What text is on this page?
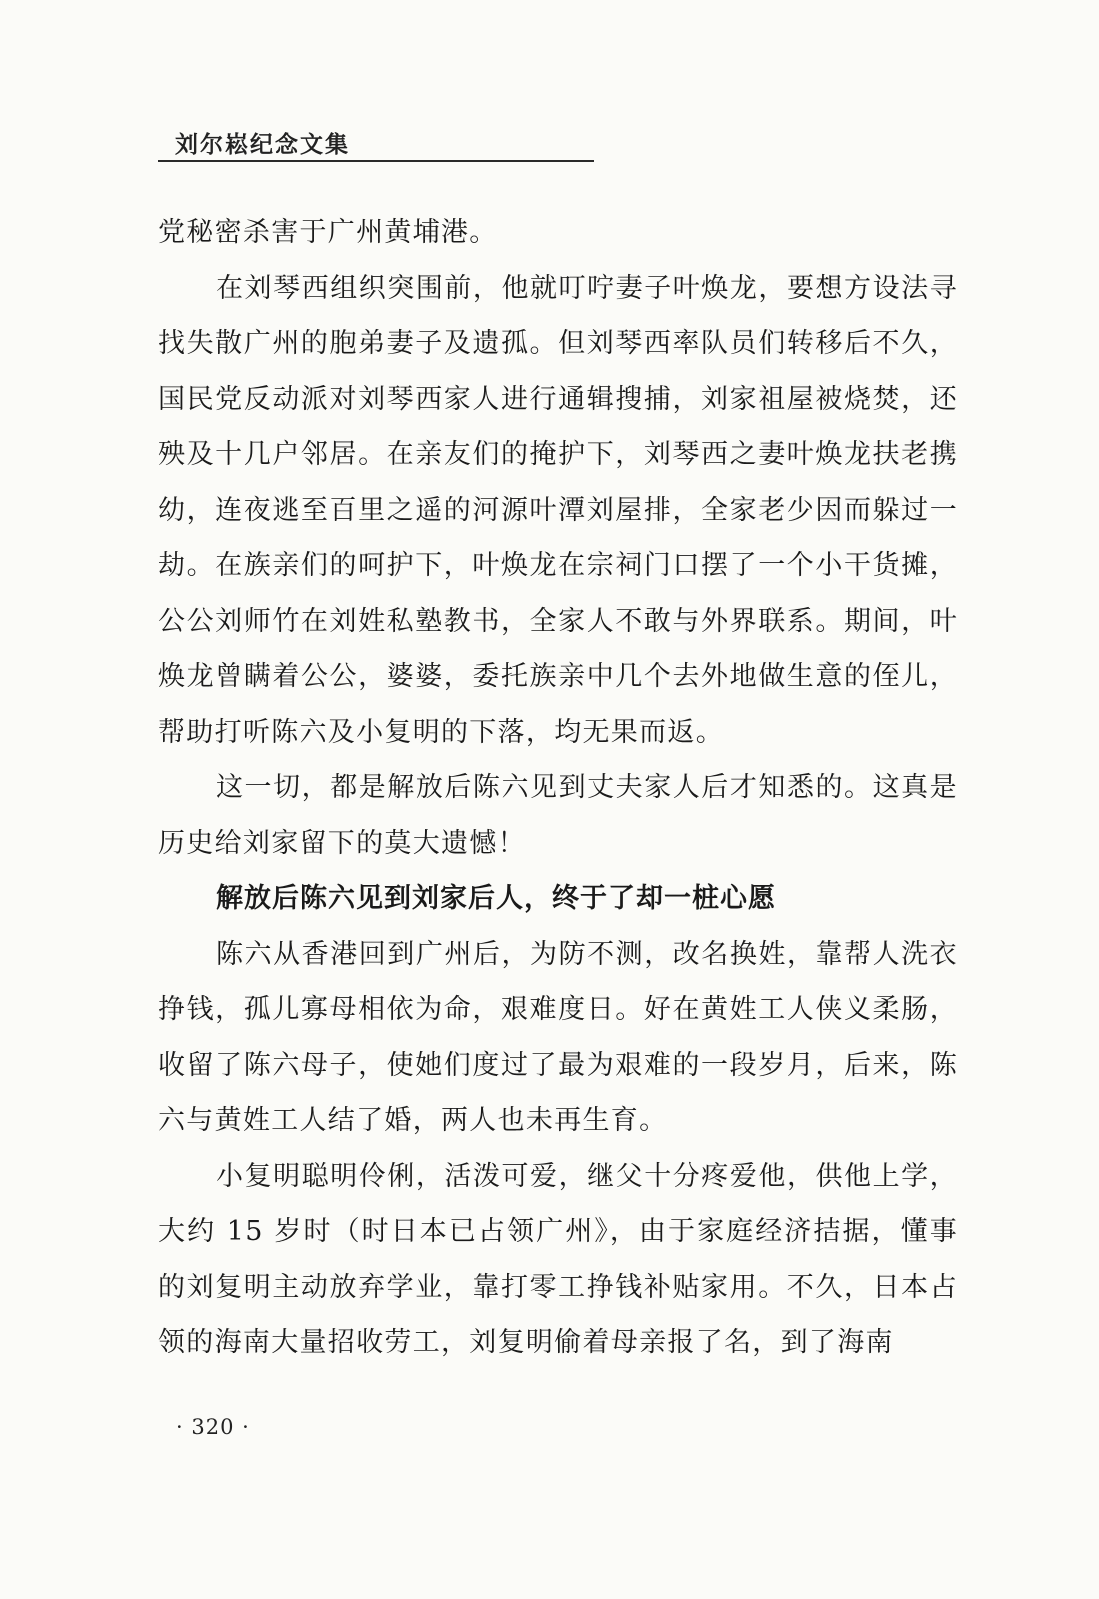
刘尔崧纪念文集

党秘密杀害于广州黄埔港。

在刘琴西组织突围前，他就叮咛妻子叶焕龙，要想方设法寻找失散广州的胞弟妻子及遗孤。但刘琴西率队员们转移后不久，国民党反动派对刘琴西家人进行通辑搜捕，刘家祖屋被烧焚，还殃及十几户邻居。在亲友们的掩护下，刘琴西之妻叶焕龙扶老携幼，连夜逃至百里之遥的河源叶潭刘屋排，全家老少因而躲过一劫。在族亲们的呵护下，叶焕龙在宗祠门口摆了一个小干货摊，公公刘师竹在刘姓私塾教书，全家人不敢与外界联系。期间，叶焕龙曾瞒着公公，婆婆，委托族亲中几个去外地做生意的侄儿，帮助打听陈六及小复明的下落，均无果而返。

这一切，都是解放后陈六见到丈夫家人后才知悉的。这真是历史给刘家留下的莫大遗憾！

解放后陈六见到刘家后人，终于了却一桩心愿

陈六从香港回到广州后，为防不测，改名换姓，靠帮人洗衣挣钱，孤儿寡母相依为命，艰难度日。好在黄姓工人侠义柔肠，收留了陈六母子，使她们度过了最为艰难的一段岁月，后来，陈六与黄姓工人结了婚，两人也未再生育。

小复明聪明伶俐，活泼可爱，继父十分疼爱他，供他上学，大约 15 岁时（时日本已占领广州》，由于家庭经济拮据，懂事的刘复明主动放弃学业，靠打零工挣钱补贴家用。不久，日本占领的海南大量招收劳工，刘复明偷着母亲报了名，到了海南

· 320 ·
